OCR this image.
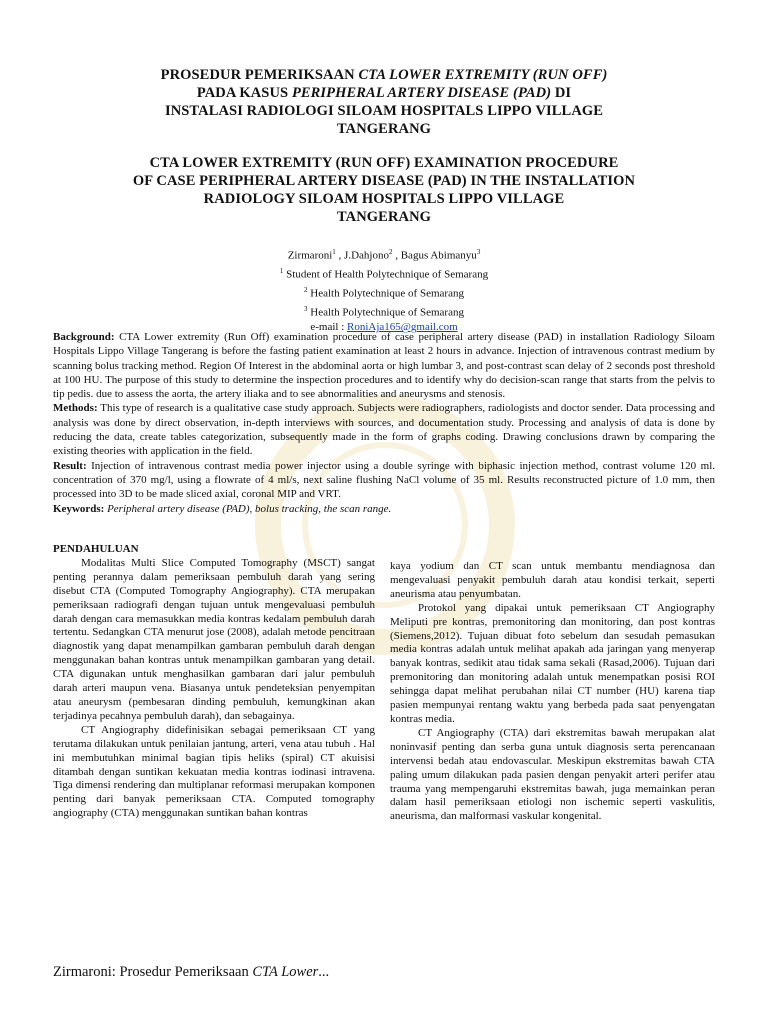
PROSEDUR PEMERIKSAAN CTA LOWER EXTREMITY (RUN OFF)
PADA KASUS PERIPHERAL ARTERY DISEASE (PAD) DI
INSTALASI RADIOLOGI SILOAM HOSPITALS LIPPO VILLAGE
TANGERANG
CTA LOWER EXTREMITY (RUN OFF) EXAMINATION PROCEDURE
OF CASE PERIPHERAL ARTERY DISEASE (PAD) IN THE INSTALLATION
RADIOLOGY SILOAM HOSPITALS LIPPO VILLAGE
TANGERANG
Zirmaroni$^1$ , J.Dahjono$^2$ , Bagus Abimanyu$^3$
$^1$ Student of Health Polytechnique of Semarang
$^2$ Health Polytechnique of Semarang
$^3$ Health Polytechnique of Semarang
e-mail : RoniAja165@gmail.com

Background: CTA Lower extremity (Run Off) examination procedure of case peripheral artery disease (PAD) in installation Radiology Siloam Hospitals Lippo Village Tangerang is before the fasting patient examination at least 2 hours in advance. Injection of intravenous contrast medium by scanning bolus tracking method. Region Of Interest in the abdominal aorta or high lumbar 3, and post-contrast scan delay of 2 seconds post threshold at 100 HU. The purpose of this study to determine the inspection procedures and to identify why do decision-scan range that starts from the pelvis to tip pedis. due to assess the aorta, the artery iliaka and to see abnormalities and aneurysms and stenosis.

Methods: This type of research is a qualitative case study approach. Subjects were radiographers, radiologists and doctor sender. Data processing and analysis was done by direct observation, in-depth interviews with sources, and documentation study. Processing and analysis of data is done by reducing the data, create tables categorization, subsequently made in the form of graphs coding. Drawing conclusions drawn by comparing the existing theories with application in the field.

Result: Injection of intravenous contrast media power injector using a double syringe with biphasic injection method, contrast volume 120 ml. concentration of 370 mg/l, using a flowrate of 4 ml/s, next saline flushing NaCl volume of 35 ml. Results reconstructed picture of 1.0 mm, then processed into 3D to be made sliced axial, coronal MIP and VRT.

Keywords: Peripheral artery disease (PAD), bolus tracking, the scan range.

PENDAHULUAN

Modalitas Multi Slice Computed Tomography (MSCT) sangat penting perannya dalam pemeriksaan pembuluh darah yang sering disebut CTA (Computed Tomography Angiography). CTA merupakan pemeriksaan radiografi dengan tujuan untuk mengevaluasi pembuluh darah dengan cara memasukkan media kontras kedalam pembuluh darah tertentu. Sedangkan CTA menurut jose (2008), adalah metode pencitraan diagnostik yang dapat menampilkan gambaran pembuluh darah dengan menggunakan bahan kontras untuk menampilkan gambaran yang detail. CTA digunakan untuk menghasilkan gambaran dari jalur pembuluh darah arteri maupun vena. Biasanya untuk pendeteksian penyempitan atau aneurysm (pembesaran dinding pembuluh, kemungkinan akan terjadinya pecahnya pembuluh darah), dan sebagainya.

CT Angiography didefinisikan sebagai pemeriksaan CT yang terutama dilakukan untuk penilaian jantung, arteri, vena atau tubuh . Hal ini membutuhkan minimal bagian tipis heliks (spiral) CT akuisisi ditambah dengan suntikan kekuatan media kontras iodinasi intravena. Tiga dimensi rendering dan multiplanar reformasi merupakan komponen penting dari banyak pemeriksaan CTA. Computed tomography angiography (CTA) menggunakan suntikan bahan kontras

kaya yodium dan CT scan untuk membantu mendiagnosa dan mengevaluasi penyakit pembuluh darah atau kondisi terkait, seperti aneurisma atau penyumbatan.

Protokol yang dipakai untuk pemeriksaan CT Angiography Meliputi pre kontras, premonitoring dan monitoring, dan post kontras (Siemens,2012). Tujuan dibuat foto sebelum dan sesudah pemasukan media kontras adalah untuk melihat apakah ada jaringan yang menyerap banyak kontras, sedikit atau tidak sama sekali (Rasad,2006). Tujuan dari premonitoring dan monitoring adalah untuk menempatkan posisi ROI sehingga dapat melihat perubahan nilai CT number (HU) karena tiap pasien mempunyai rentang waktu yang berbeda pada saat penyengatan kontras media.

CT Angiography (CTA) dari ekstremitas bawah merupakan alat noninvasif penting dan serba guna untuk diagnosis serta perencanaan intervensi bedah atau endovascular. Meskipun ekstremitas bawah CTA paling umum dilakukan pada pasien dengan penyakit arteri perifer atau trauma yang mempengaruhi ekstremitas bawah, juga memainkan peran dalam hasil pemeriksaan etiologi non ischemic seperti vaskulitis, aneurisma, dan malformasi vaskular kongenital.

Zirmaroni: Prosedur Pemeriksaan CTA Lower...
